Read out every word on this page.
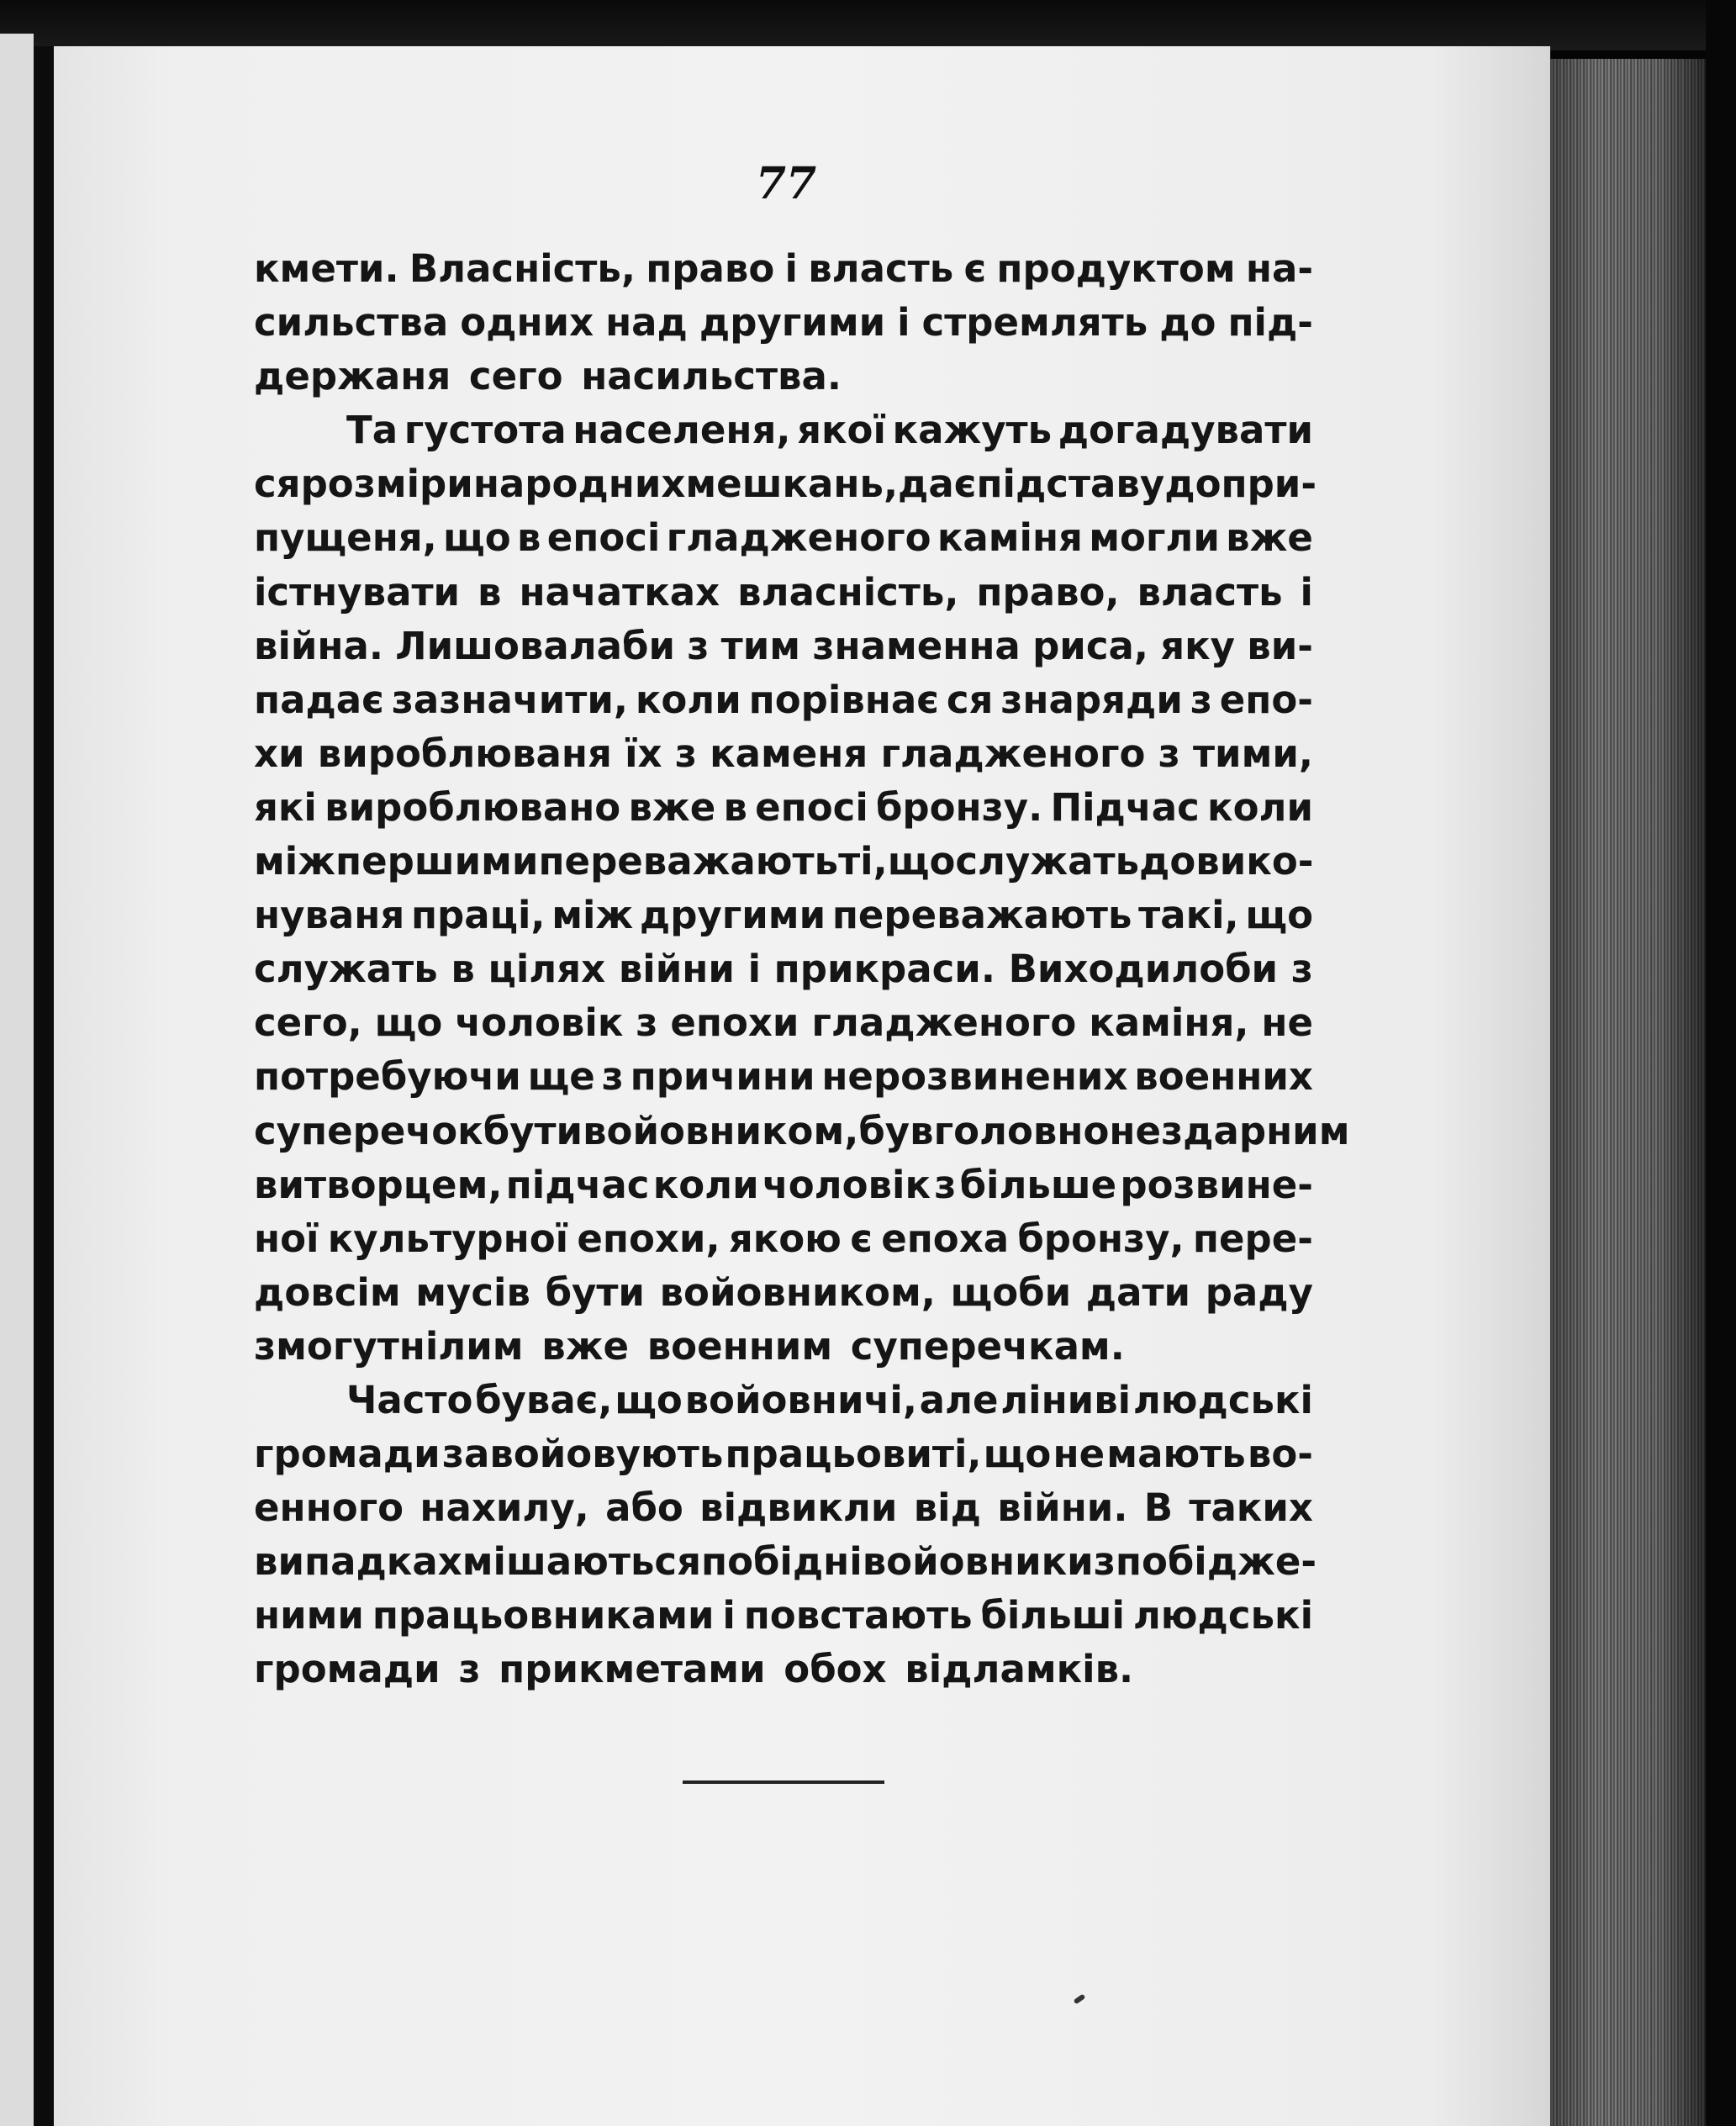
77
кмети. Власність, право і власть є продуктом на-
сильства одних над другими і стремлять до під-
держаня
сего
насильства.
Та густота населеня, якої кажуть догадувати
ся розміри народних мешкань, дає підставу до при-
пущеня, що в епосі гладженого каміня могли вже
істнувати в начатках власність, право, власть і
війна. Лишовалаби з тим знаменна риса, яку ви-
падає зазначити, коли порівнає ся знаряди з епо-
хи вироблюваня їх з каменя гладженого з тими,
які вироблювано вже в епосі бронзу. Підчас коли
між першими переважають ті, що служать до вико-
нуваня праці, між другими переважають такі, що
служать в цілях війни і прикраси. Виходилоби з
сего, що чоловік з епохи гладженого каміня, не
потребуючи ще з причини нерозвинених военних
суперечок бути войовником, був головно нездарним
витворцем, підчас коли чоловік з більше розвине-
ної культурної епохи, якою є епоха бронзу, пере-
довсім мусів бути войовником, щоби дати раду
змогутнілим
вже
военним
суперечкам.
Часто буває, що войовничі, але ліниві людські
громади завойовують працьовиті, що не мають во-
енного нахилу, або відвикли від війни. В таких
випадках мішають ся побідні войовники з побідже-
ними працьовниками і повстають більші людські
громади
з
прикметами
обох
відламків.
